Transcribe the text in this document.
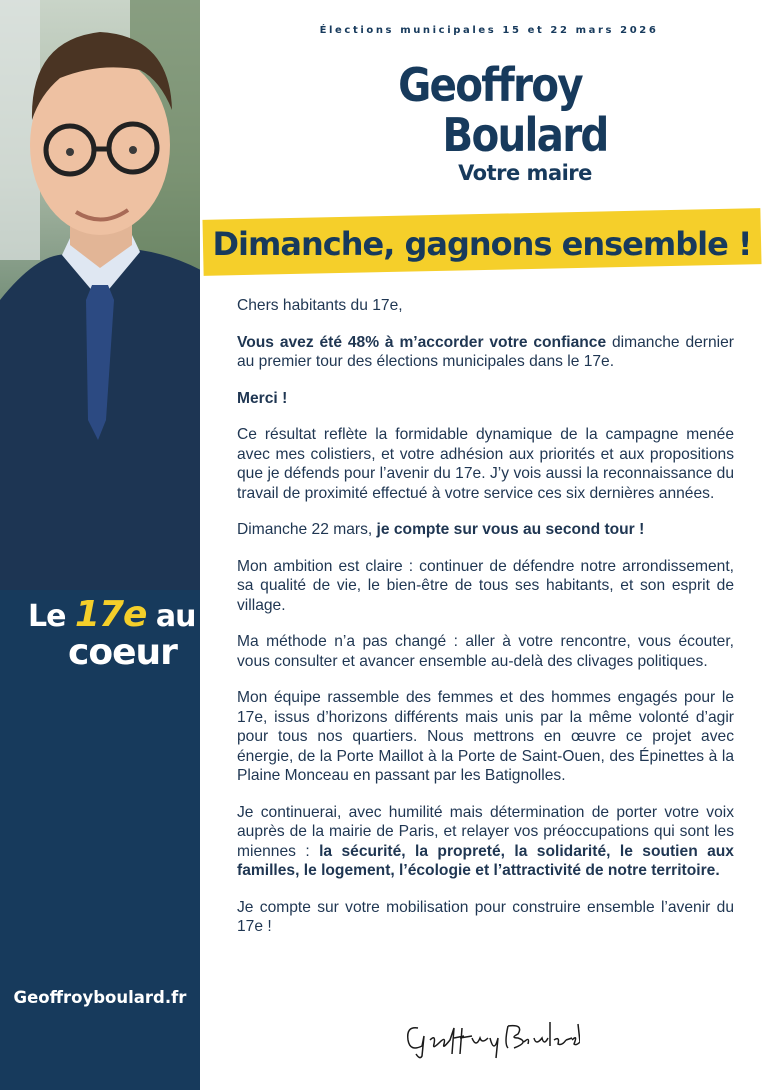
Le 17e au
coeur
Geoffroyboulard.fr
Élections municipales 15 et 22 mars 2026
Geoffroy
Boulard
Votre maire
Dimanche, gagnons ensemble !

Chers habitants du 17e,

Vous avez été 48% à m’accorder votre confiance dimanche dernier au premier tour des élections municipales dans le 17e.

Merci !

Ce résultat reflète la formidable dynamique de la campagne menée avec mes colistiers, et votre adhésion aux priorités et aux propositions que je défends pour l’avenir du 17e. J’y vois aussi la reconnaissance du travail de proximité effectué à votre service ces six dernières années.

Dimanche 22 mars, je compte sur vous au second tour !

Mon ambition est claire : continuer de défendre notre arrondissement, sa qualité de vie, le bien-être de tous ses habitants, et son esprit de village.

Ma méthode n’a pas changé : aller à votre rencontre, vous écouter, vous consulter et avancer ensemble au-delà des clivages politiques.

Mon équipe rassemble des femmes et des hommes engagés pour le 17e, issus d’horizons différents mais unis par la même volonté d’agir pour tous nos quartiers. Nous mettrons en œuvre ce projet avec énergie, de la Porte Maillot à la Porte de Saint-Ouen, des Épinettes à la Plaine Monceau en passant par les Batignolles.

Je continuerai, avec humilité mais détermination de porter votre voix auprès de la mairie de Paris, et relayer vos préoccupations qui sont les miennes : la sécurité, la propreté, la solidarité, le soutien aux familles, le logement, l’écologie et l’attractivité de notre territoire.

Je compte sur votre mobilisation pour construire ensemble l’avenir du 17e !
